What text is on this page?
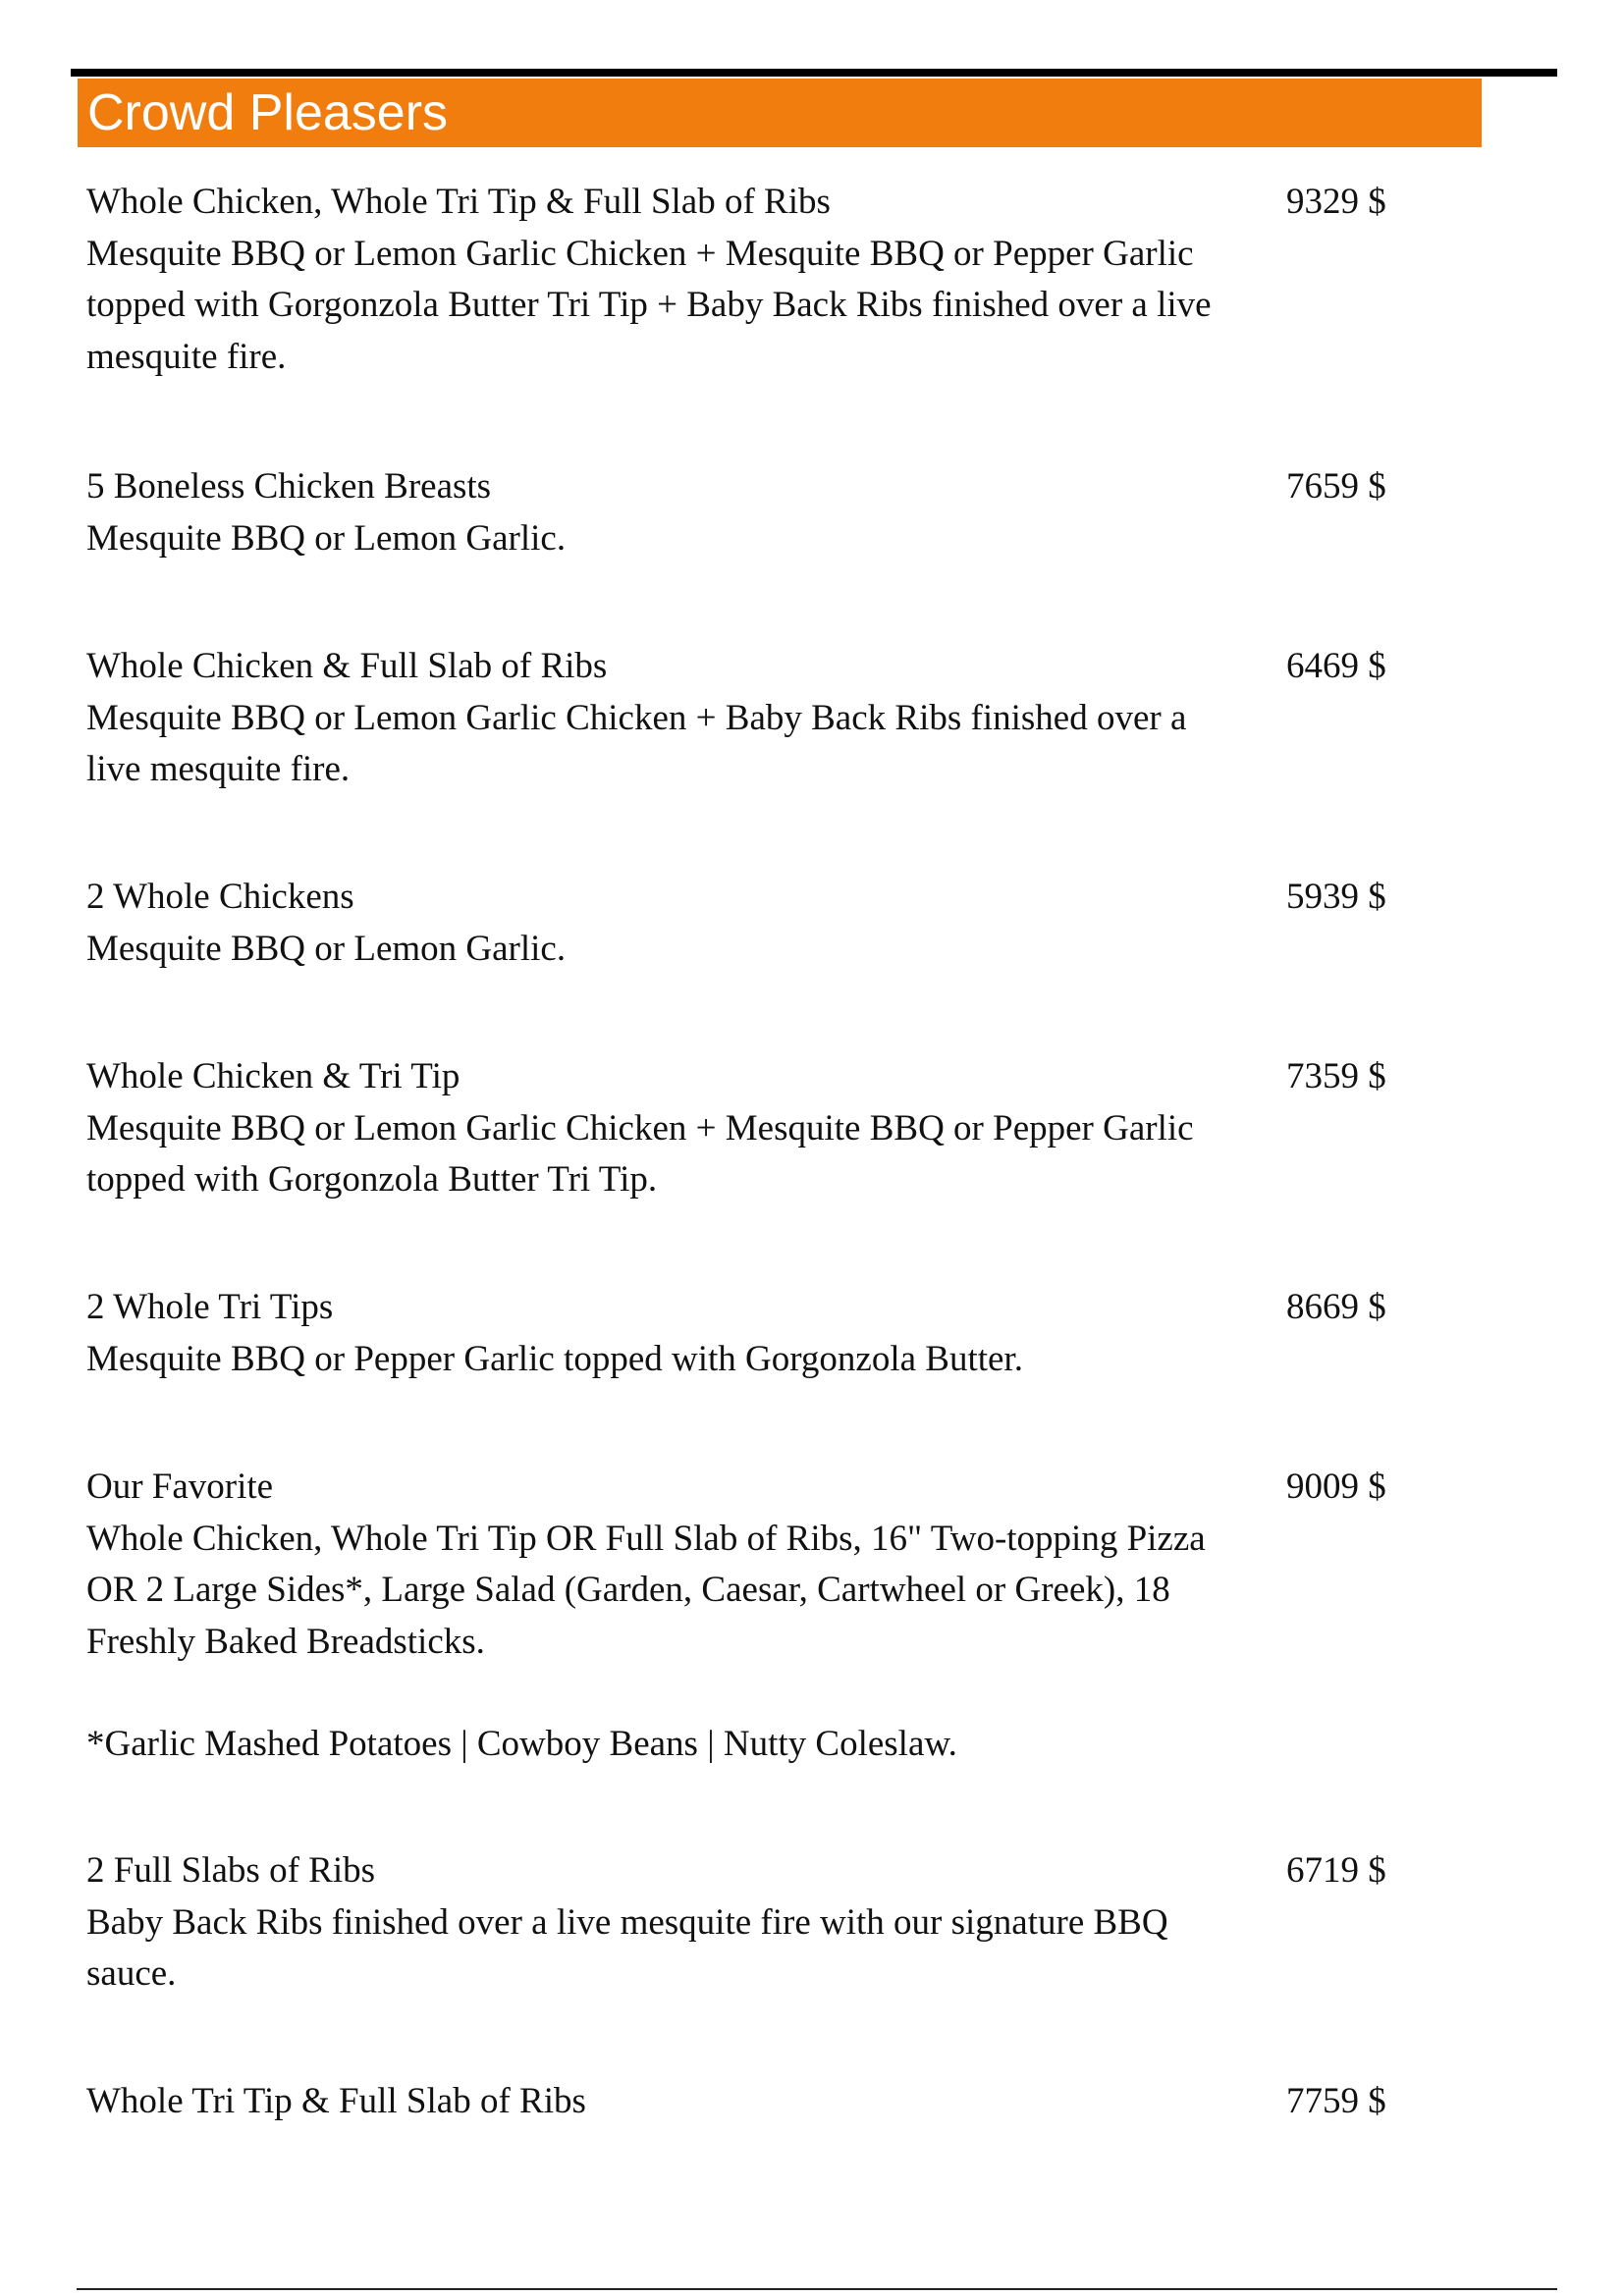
Crowd Pleasers
Whole Chicken, Whole Tri Tip & Full Slab of Ribs
Mesquite BBQ or Lemon Garlic Chicken + Mesquite BBQ or Pepper Garlic topped with Gorgonzola Butter Tri Tip + Baby Back Ribs finished over a live mesquite fire.
9329 $
5 Boneless Chicken Breasts
Mesquite BBQ or Lemon Garlic.
7659 $
Whole Chicken & Full Slab of Ribs
Mesquite BBQ or Lemon Garlic Chicken + Baby Back Ribs finished over a live mesquite fire.
6469 $
2 Whole Chickens
Mesquite BBQ or Lemon Garlic.
5939 $
Whole Chicken & Tri Tip
Mesquite BBQ or Lemon Garlic Chicken + Mesquite BBQ or Pepper Garlic topped with Gorgonzola Butter Tri Tip.
7359 $
2 Whole Tri Tips
Mesquite BBQ or Pepper Garlic topped with Gorgonzola Butter.
8669 $
Our Favorite
Whole Chicken, Whole Tri Tip OR Full Slab of Ribs, 16" Two-topping Pizza OR 2 Large Sides*, Large Salad (Garden, Caesar, Cartwheel or Greek), 18 Freshly Baked Breadsticks.
*Garlic Mashed Potatoes | Cowboy Beans | Nutty Coleslaw.
9009 $
2 Full Slabs of Ribs
Baby Back Ribs finished over a live mesquite fire with our signature BBQ sauce.
6719 $
Whole Tri Tip & Full Slab of Ribs	7759 $
